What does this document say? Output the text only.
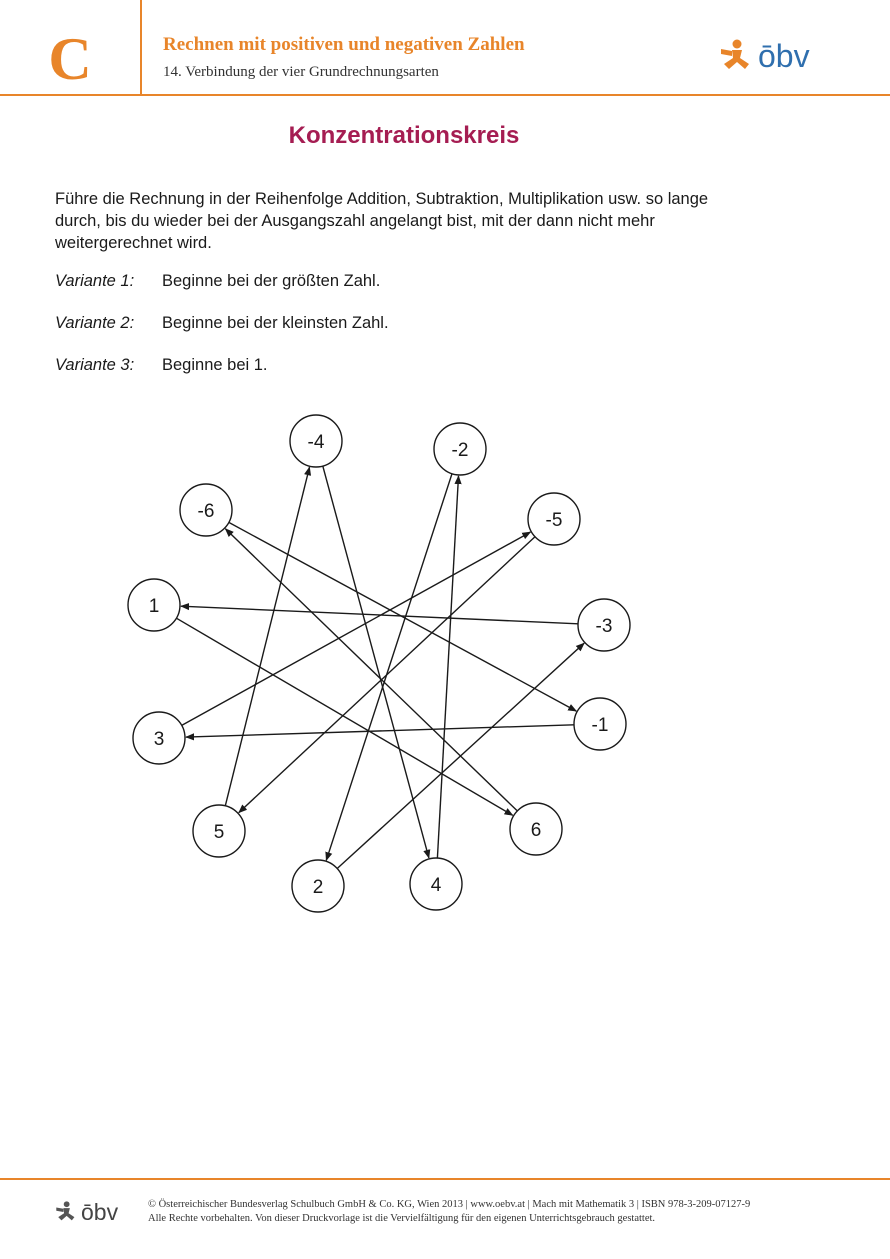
C	Rechnen mit positiven und negativen Zahlen
14. Verbindung der vier Grundrechnungsarten	ōbv
Konzentrationskreis

Führe die Rechnung in der Reihenfolge Addition, Subtraktion, Multiplikation usw. so lange durch, bis du wieder bei der Ausgangszahl angelangt bist, mit der dann nicht mehr weitergerechnet wird.

Variante 1: Beginne bei der größten Zahl.
Variante 2: Beginne bei der kleinsten Zahl.
Variante 3: Beginne bei 1.
-4	-2
-6	-5
1
-3
3
-1
5	6
2	4
ōbv	© Österreichischer Bundesverlag Schulbuch GmbH & Co. KG, Wien 2013 | www.oebv.at | Mach mit Mathematik 3 | ISBN 978-3-209-07127-9
Alle Rechte vorbehalten. Von dieser Druckvorlage ist die Vervielfältigung für den eigenen Unterrichtsgebrauch gestattet.
